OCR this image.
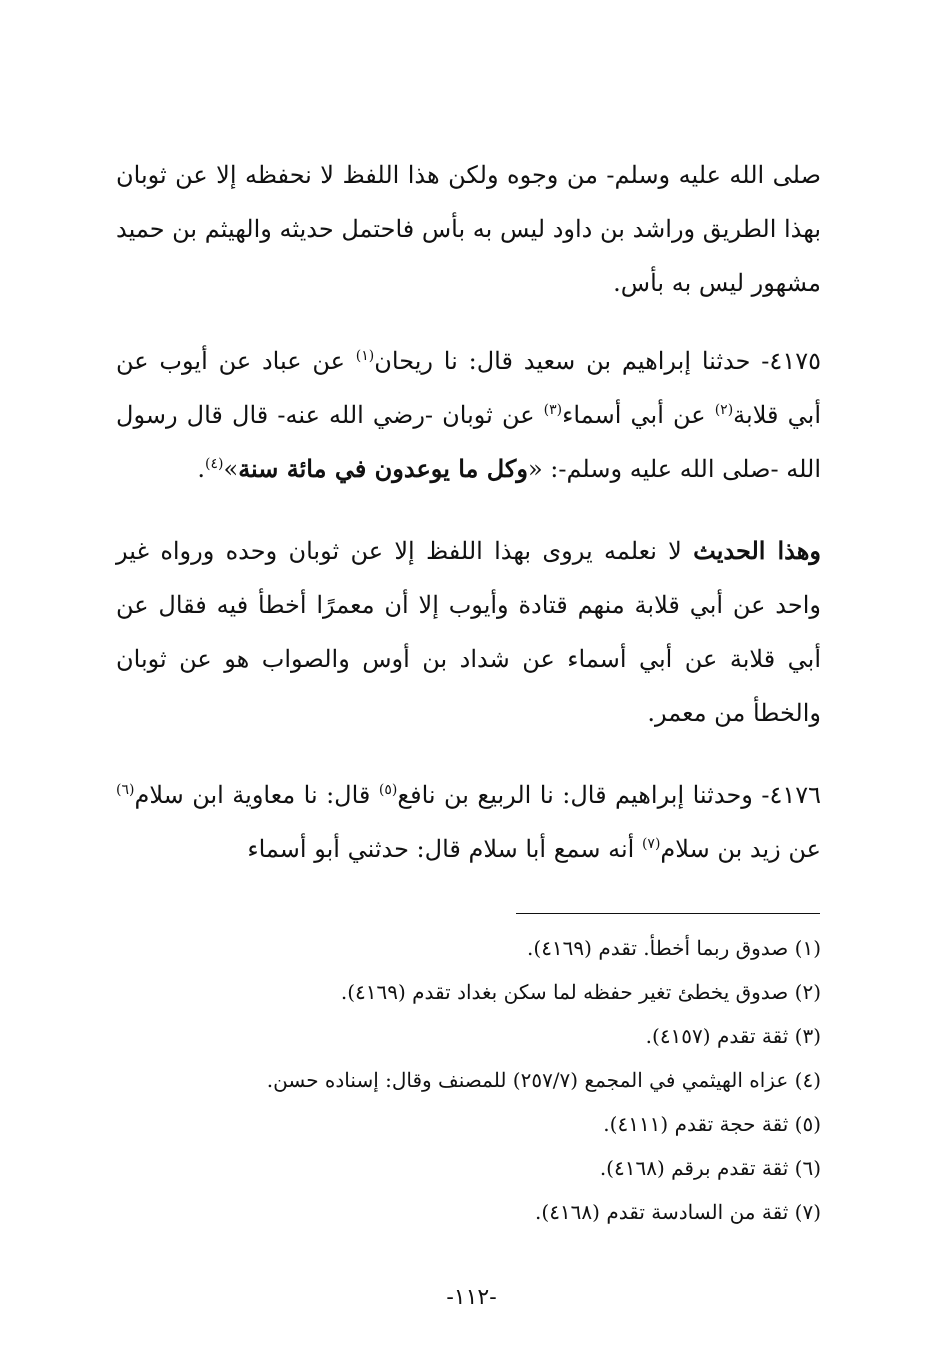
صلى الله عليه وسلم- من وجوه ولكن هذا اللفظ لا نحفظه إلا عن ثوبان بهذا الطريق وراشد بن داود ليس به بأس فاحتمل حديثه والهيثم بن حميد مشهور ليس به بأس.

٤١٧٥- حدثنا إبراهيم بن سعيد قال: نا ريحان$^{(١)}$ عن عباد عن أيوب عن أبي قلابة$^{(٢)}$ عن أبي أسماء$^{(٣)}$ عن ثوبان -رضي الله عنه- قال قال رسول الله -صلى الله عليه وسلم-: «وكل ما يوعدون في مائة سنة»$^{(٤)}$.

وهذا الحديث لا نعلمه يروى بهذا اللفظ إلا عن ثوبان وحده ورواه غير واحد عن أبي قلابة منهم قتادة وأيوب إلا أن معمرًا أخطأ فيه فقال عن أبي قلابة عن أبي أسماء عن شداد بن أوس والصواب هو عن ثوبان والخطأ من معمر.

٤١٧٦- وحدثنا إبراهيم قال: نا الربيع بن نافع$^{(٥)}$ قال: نا معاوية ابن سلام$^{(٦)}$ عن زيد بن سلام$^{(٧)}$ أنه سمع أبا سلام قال: حدثني أبو أسماء

(١) صدوق ربما أخطأ. تقدم (٤١٦٩).
(٢) صدوق يخطئ تغير حفظه لما سكن بغداد تقدم (٤١٦٩).
(٣) ثقة تقدم (٤١٥٧).
(٤) عزاه الهيثمي في المجمع (٢٥٧/٧) للمصنف وقال: إسناده حسن.
(٥) ثقة حجة تقدم (٤١١١).
(٦) ثقة تقدم برقم (٤١٦٨).
(٧) ثقة من السادسة تقدم (٤١٦٨).
-١١٢-
